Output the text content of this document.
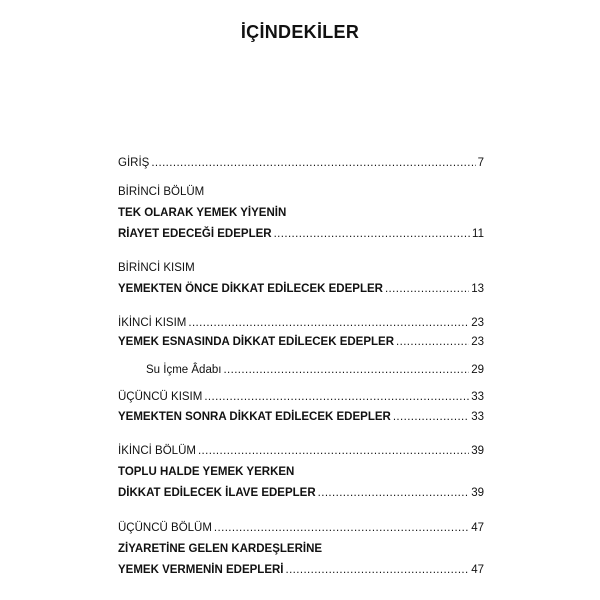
İÇİNDEKİLER
GİRİŞ . . .	7
BİRİNCİ BÖLÜM
TEK OLARAK YEMEK YİYENİN
RİAYET EDECEĞİ EDEPLER . . .	11
BİRİNCİ KISIM
YEMEKTEN ÖNCE DİKKAT EDİLECEK EDEPLER . . .	13
İKİNCİ KISIM . . .	23
YEMEK ESNASINDA DİKKAT EDİLECEK EDEPLER . . .	23
Su İçme Âdabı . . .	29
ÜÇÜNCÜ KISIM . . .	33
YEMEKTEN SONRA DİKKAT EDİLECEK EDEPLER . . .	33
İKİNCİ BÖLÜM . . .	39
TOPLU HALDE YEMEK YERKEN
DİKKAT EDİLECEK İLAVE EDEPLER . . .	39
ÜÇÜNCÜ BÖLÜM . . .	47
ZİYARETİNE GELEN KARDEŞLERİNE
YEMEK VERMENİN EDEPLERİ . . .	47
